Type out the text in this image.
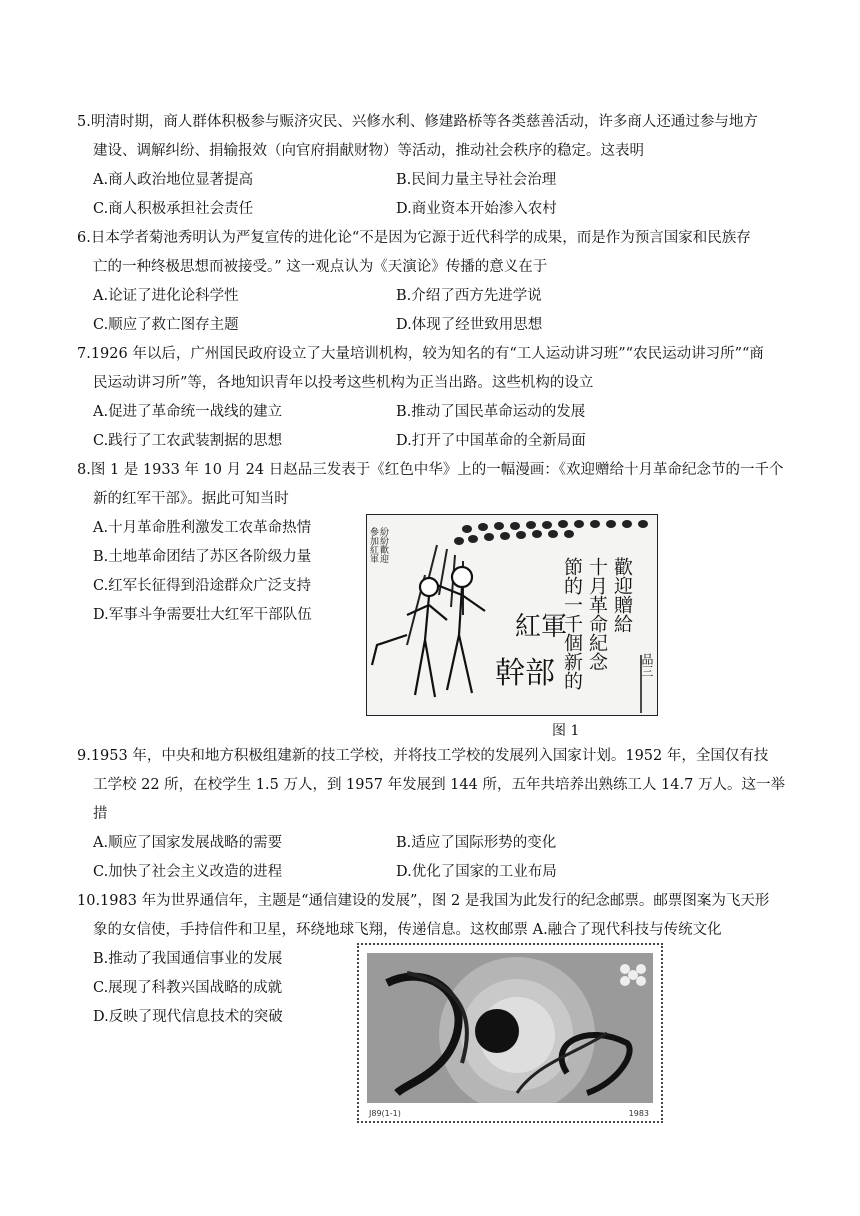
5.明清时期，商人群体积极参与赈济灾民、兴修水利、修建路桥等各类慈善活动，许多商人还通过参与地方
建设、调解纠纷、捐输报效（向官府捐献财物）等活动，推动社会秩序的稳定。这表明
A.商人政治地位显著提高	B.民间力量主导社会治理
C.商人积极承担社会责任	D.商业资本开始渗入农村
6.日本学者菊池秀明认为严复宣传的进化论“不是因为它源于近代科学的成果，而是作为预言国家和民族存
亡的一种终极思想而被接受。” 这一观点认为《天演论》传播的意义在于
A.论证了进化论科学性	B.介绍了西方先进学说
C.顺应了救亡图存主题	D.体现了经世致用思想
7.1926 年以后，广州国民政府设立了大量培训机构，较为知名的有“工人运动讲习班”“农民运动讲习所”“商
民运动讲习所”等，各地知识青年以投考这些机构为正当出路。这些机构的设立
A.促进了革命统一战线的建立	B.推动了国民革命运动的发展
C.践行了工农武装割据的思想	D.打开了中国革命的全新局面
8.图 1 是 1933 年 10 月 24 日赵品三发表于《红色中华》上的一幅漫画：《欢迎赠给十月革命纪念节的一千个
新的红军干部》。据此可知当时
A.十月革命胜利激发工农革命热情
B.土地革命团结了苏区各阶级力量
C.红军长征得到沿途群众广泛支持
D.军事斗争需要壮大红军干部队伍	歡迎贈給
十月革命紀念
節的一千個新的
紅軍
幹部
紛紛歡迎
參加紅軍
品三
图 1
9.1953 年，中央和地方积极组建新的技工学校，并将技工学校的发展列入国家计划。1952 年，全国仅有技
工学校 22 所，在校学生 1.5 万人，到 1957 年发展到 144 所，五年共培养出熟练工人 14.7 万人。这一举
措
A.顺应了国家发展战略的需要	B.适应了国际形势的变化
C.加快了社会主义改造的进程	D.优化了国家的工业布局
10.1983 年为世界通信年，主题是“通信建设的发展”，图 2 是我国为此发行的纪念邮票。邮票图案为飞天形
象的女信使，手持信件和卫星，环绕地球飞翔，传递信息。这枚邮票 A.融合了现代科技与传统文化
B.推动了我国通信事业的发展
C.展现了科教兴国战略的成就
D.反映了现代信息技术的突破
J89(1-1)	1983
